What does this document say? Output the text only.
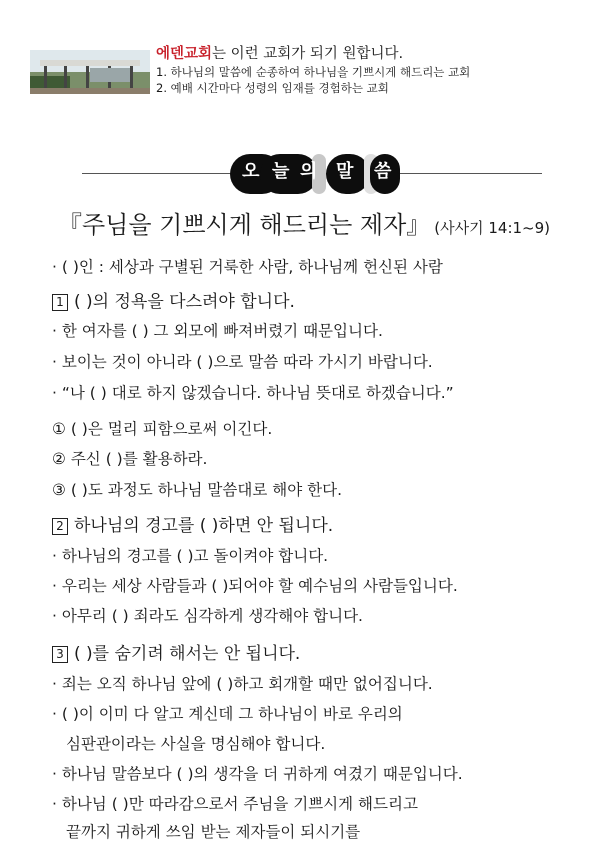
에덴교회는 이런 교회가 되기 원합니다.
1. 하나님의 말씀에 순종하여 하나님을 기쁘시게 해드리는 교회
2. 예배 시간마다 성령의 임재를 경험하는 교회
오 늘 의 말 씀
『주님을 기쁘시게 해드리는 제자』 (사사기 14:1~9)
· ( )인 : 세상과 구별된 거룩한 사람, 하나님께 헌신된 사람
1 ( )의 정욕을 다스려야 합니다.
· 한 여자를 ( ) 그 외모에 빠져버렸기 때문입니다.
· 보이는 것이 아니라 ( )으로 말씀 따라 가시기 바랍니다.
· “나 ( ) 대로 하지 않겠습니다. 하나님 뜻대로 하겠습니다.”
① ( )은 멀리 피함으로써 이긴다.
② 주신 ( )를 활용하라.
③ ( )도 과정도 하나님 말씀대로 해야 한다.
2 하나님의 경고를 ( )하면 안 됩니다.
· 하나님의 경고를 ( )고 돌이켜야 합니다.
· 우리는 세상 사람들과 ( )되어야 할 예수님의 사람들입니다.
· 아무리 ( ) 죄라도 심각하게 생각해야 합니다.
3 ( )를 숨기려 해서는 안 됩니다.
· 죄는 오직 하나님 앞에 ( )하고 회개할 때만 없어집니다.
· ( )이 이미 다 알고 계신데 그 하나님이 바로 우리의
심판관이라는 사실을 명심해야 합니다.
· 하나님 말씀보다 ( )의 생각을 더 귀하게 여겼기 때문입니다.
· 하나님 ( )만 따라감으로서 주님을 기쁘시게 해드리고
끝까지 귀하게 쓰임 받는 제자들이 되시기를
